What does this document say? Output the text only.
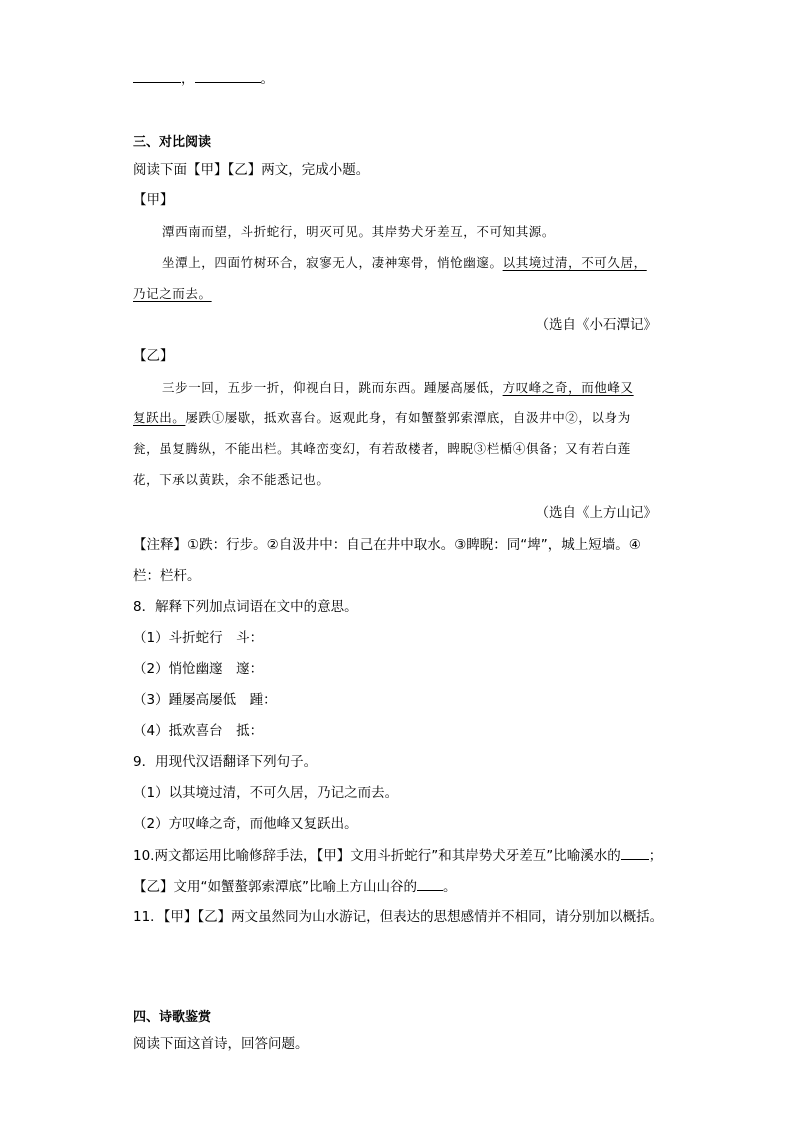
，	。
三、对比阅读
阅读下面【甲】【乙】两文，完成小题。
【甲】
潭西南而望，斗折蛇行，明灭可见。其岸势犬牙差互，不可知其源。
坐潭上，四面竹树环合，寂寥无人，凄神寒骨，悄怆幽邃。以其境过清，不可久居，
乃记之而去。
（选自《小石潭记》
【乙】
三步一回，五步一折，仰视白日，跳而东西。踵屡高屡低，方叹峰之奇，而他峰又
复跃出。屡跌①屡歇，抵欢喜台。返观此身，有如蟹螯郭索潭底，自汲井中②，以身为
瓮，虽复腾纵，不能出栏。其峰峦变幻，有若敌楼者，睥睨③栏楯④俱备；又有若白莲
花，下承以黄趺，余不能悉记也。
（选自《上方山记》
【注释】①跌：行步。②自汲井中：自己在井中取水。③睥睨：同“埤”，城上短墙。④
栏：栏杆。
8．解释下列加点词语在文中的意思。
（1）斗折蛇行　斗：
（2）悄怆幽邃　邃：
（3）踵屡高屡低　踵：
（4）抵欢喜台　抵：
9．用现代汉语翻译下列句子。
（1）以其境过清，不可久居，乃记之而去。
（2）方叹峰之奇，而他峰又复跃出。
10.两文都运用比喻修辞手法，【甲】文用斗折蛇行”和其岸势犬牙差互”比喻溪水的 ；
【乙】文用“如蟹螯郭索潭底”比喻上方山山谷的 。
11．【甲】【乙】两文虽然同为山水游记，但表达的思想感情并不相同，请分别加以概括。
四、诗歌鉴赏
阅读下面这首诗，回答问题。
